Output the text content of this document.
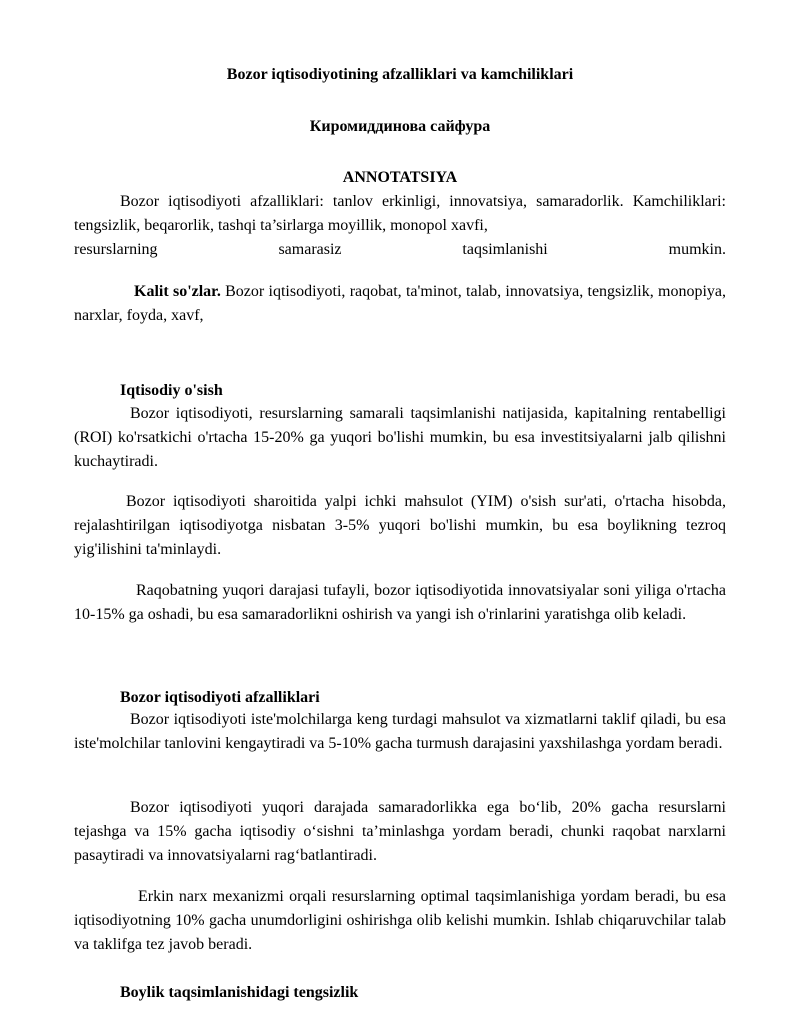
Bozor iqtisodiyotining afzalliklari va kamchiliklari
Киромиддинова сайфура
ANNOTATSIYA
Bozor iqtisodiyoti afzalliklari: tanlov erkinligi, innovatsiya, samaradorlik. Kamchiliklari: tengsizlik, beqarorlik, tashqi ta’sirlarga moyillik, monopol xavfi,
resurslarning samarasiz taqsimlanishi mumkin.
Kalit so'zlar. Bozor iqtisodiyoti, raqobat, ta'minot, talab, innovatsiya, tengsizlik, monopiya, narxlar, foyda, xavf,
Iqtisodiy o'sish
Bozor iqtisodiyoti, resurslarning samarali taqsimlanishi natijasida, kapitalning rentabelligi (ROI) ko'rsatkichi o'rtacha 15-20% ga yuqori bo'lishi mumkin, bu esa investitsiyalarni jalb qilishni kuchaytiradi.
Bozor iqtisodiyoti sharoitida yalpi ichki mahsulot (YIM) o'sish sur'ati, o'rtacha hisobda, rejalashtirilgan iqtisodiyotga nisbatan 3-5% yuqori bo'lishi mumkin, bu esa boylikning tezroq yig'ilishini ta'minlaydi.
Raqobatning yuqori darajasi tufayli, bozor iqtisodiyotida innovatsiyalar soni yiliga o'rtacha 10-15% ga oshadi, bu esa samaradorlikni oshirish va yangi ish o'rinlarini yaratishga olib keladi.
Bozor iqtisodiyoti afzalliklari
Bozor iqtisodiyoti iste'molchilarga keng turdagi mahsulot va xizmatlarni taklif qiladi, bu esa iste'molchilar tanlovini kengaytiradi va 5-10% gacha turmush darajasini yaxshilashga yordam beradi.
Bozor iqtisodiyoti yuqori darajada samaradorlikka ega bo‘lib, 20% gacha resurslarni tejashga va 15% gacha iqtisodiy o‘sishni ta’minlashga yordam beradi, chunki raqobat narxlarni pasaytiradi va innovatsiyalarni rag‘batlantiradi.
Erkin narx mexanizmi orqali resurslarning optimal taqsimlanishiga yordam beradi, bu esa iqtisodiyotning 10% gacha unumdorligini oshirishga olib kelishi mumkin. Ishlab chiqaruvchilar talab va taklifga tez javob beradi.
Boylik taqsimlanishidagi tengsizlik
